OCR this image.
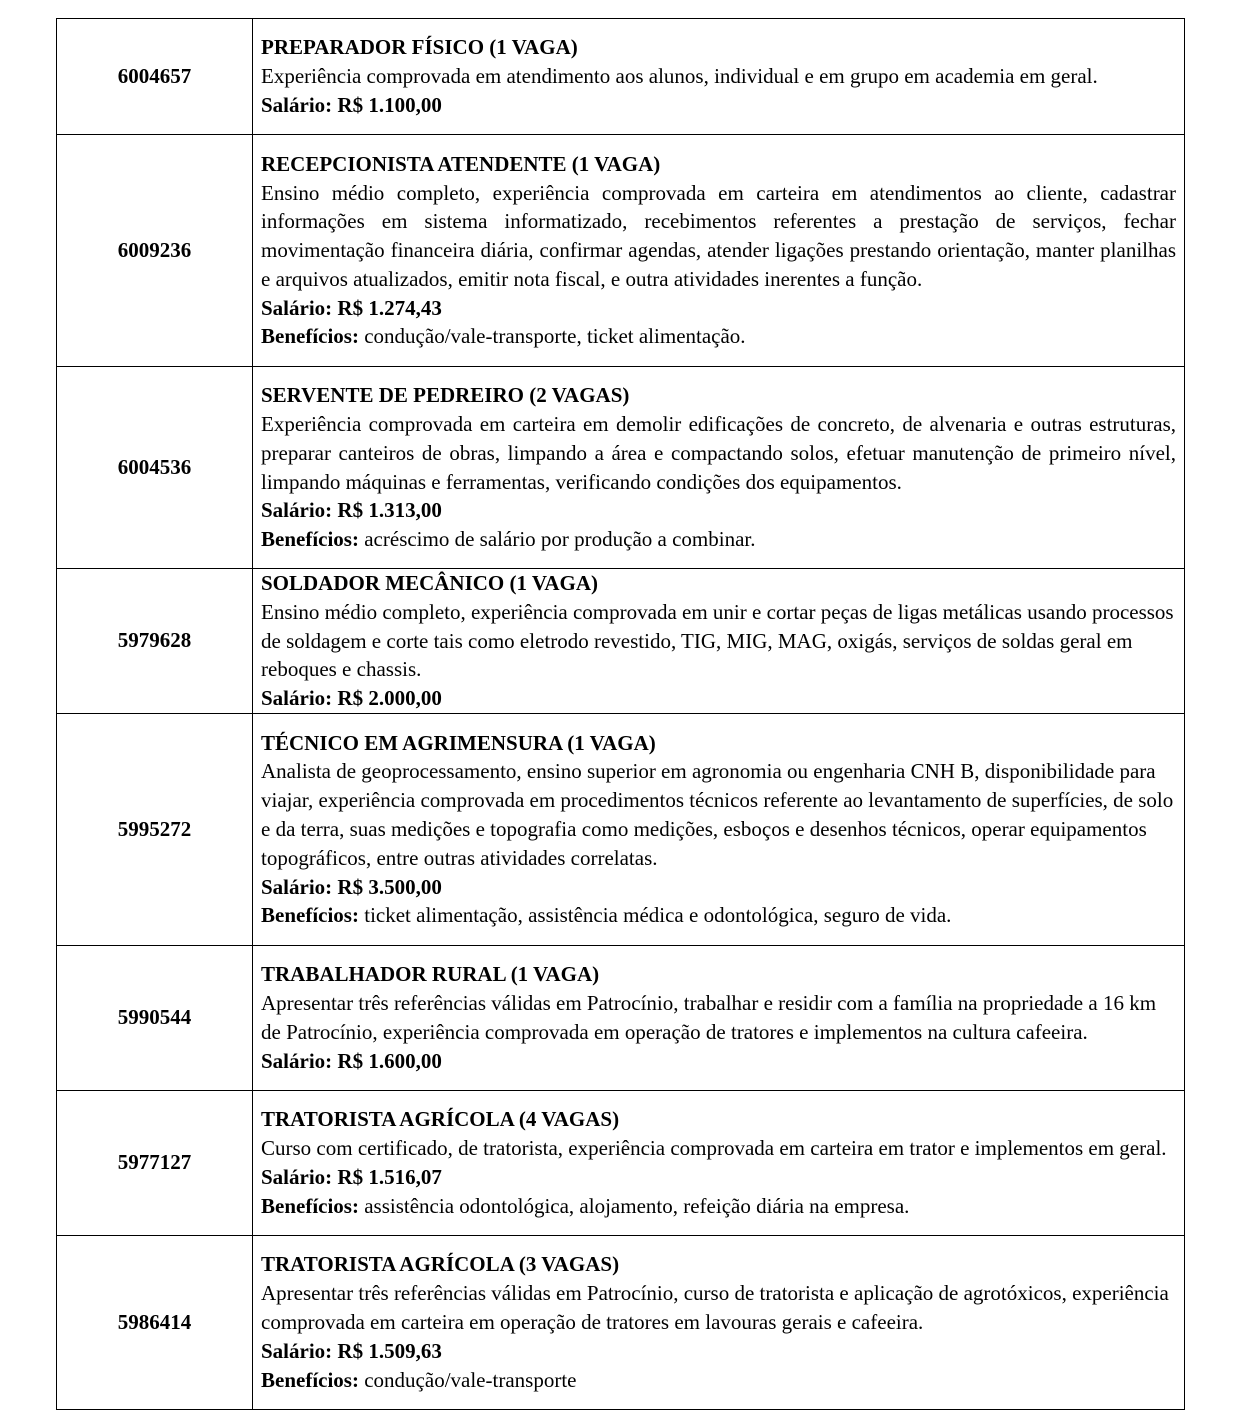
6004657	PREPARADOR FÍSICO (1 VAGA)
Experiência comprovada em atendimento aos alunos, individual e em grupo em academia em geral.
Salário: R$ 1.100,00

6009236	RECEPCIONISTA ATENDENTE (1 VAGA)
Ensino médio completo, experiência comprovada em carteira em atendimentos ao cliente, cadastrar informações em sistema informatizado, recebimentos referentes a prestação de serviços, fechar movimentação financeira diária, confirmar agendas, atender ligações prestando orientação, manter planilhas e arquivos atualizados, emitir nota fiscal, e outra atividades inerentes a função.
Salário: R$ 1.274,43
Benefícios: condução/vale-transporte, ticket alimentação.

6004536	SERVENTE DE PEDREIRO (2 VAGAS)
Experiência comprovada em carteira em demolir edificações de concreto, de alvenaria e outras estruturas, preparar canteiros de obras, limpando a área e compactando solos, efetuar manutenção de primeiro nível, limpando máquinas e ferramentas, verificando condições dos equipamentos.
Salário: R$ 1.313,00
Benefícios: acréscimo de salário por produção a combinar.

5979628	SOLDADOR MECÂNICO (1 VAGA)
Ensino médio completo, experiência comprovada em unir e cortar peças de ligas metálicas usando processos de soldagem e corte tais como eletrodo revestido, TIG, MIG, MAG, oxigás, serviços de soldas geral em reboques e chassis.
Salário: R$ 2.000,00

5995272	TÉCNICO EM AGRIMENSURA (1 VAGA)
Analista de geoprocessamento, ensino superior em agronomia ou engenharia CNH B, disponibilidade para viajar, experiência comprovada em procedimentos técnicos referente ao levantamento de superfícies, de solo e da terra, suas medições e topografia como medições, esboços e desenhos técnicos, operar equipamentos topográficos, entre outras atividades correlatas.
Salário: R$ 3.500,00
Benefícios: ticket alimentação, assistência médica e odontológica, seguro de vida.

5990544	TRABALHADOR RURAL (1 VAGA)
Apresentar três referências válidas em Patrocínio, trabalhar e residir com a família na propriedade a 16 km de Patrocínio, experiência comprovada em operação de tratores e implementos na cultura cafeeira.
Salário: R$ 1.600,00

5977127	TRATORISTA AGRÍCOLA (4 VAGAS)
Curso com certificado, de tratorista, experiência comprovada em carteira em trator e implementos em geral.
Salário: R$ 1.516,07
Benefícios: assistência odontológica, alojamento, refeição diária na empresa.

5986414	TRATORISTA AGRÍCOLA (3 VAGAS)
Apresentar três referências válidas em Patrocínio, curso de tratorista e aplicação de agrotóxicos, experiência comprovada em carteira em operação de tratores em lavouras gerais e cafeeira.
Salário: R$ 1.509,63
Benefícios: condução/vale-transporte
